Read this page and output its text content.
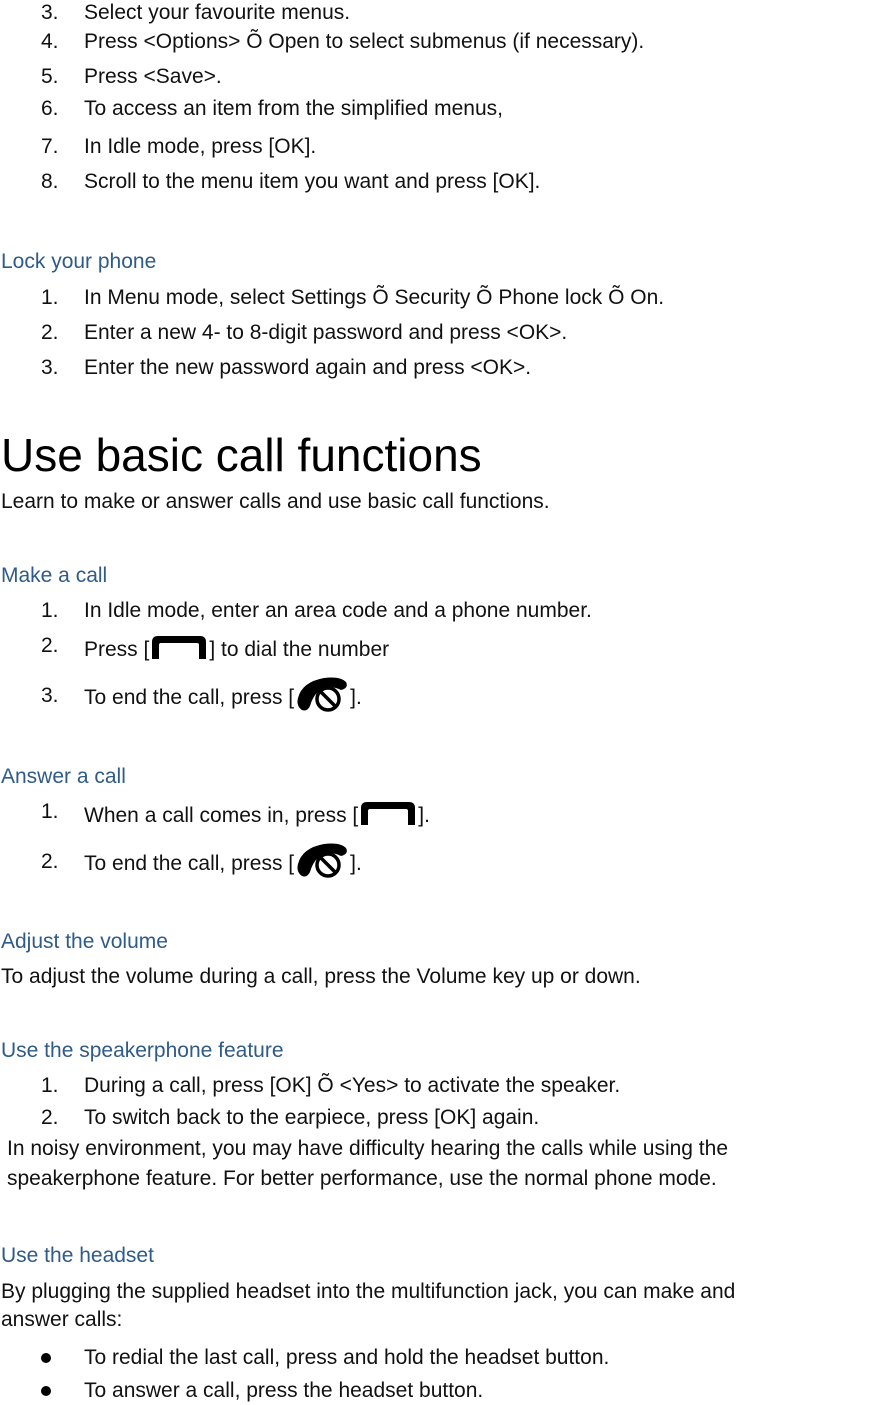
3. Select your favourite menus.
4. Press <Options> Õ Open to select submenus (if necessary).
5. Press <Save>.
6. To access an item from the simplified menus,
7. In Idle mode, press [OK].
8. Scroll to the menu item you want and press [OK].
Lock your phone
1. In Menu mode, select Settings Õ Security Õ Phone lock Õ On.
2. Enter a new 4- to 8-digit password and press <OK>.
3. Enter the new password again and press <OK>.
Use basic call functions
Learn to make or answer calls and use basic call functions.
Make a call
1. In Idle mode, enter an area code and a phone number.
2. Press [	] to dial the number
3. To end the call, press [	].
Answer a call
1. When a call comes in, press [	].
2. To end the call, press [	].
Adjust the volume
To adjust the volume during a call, press the Volume key up or down.
Use the speakerphone feature
1. During a call, press [OK] Õ <Yes> to activate the speaker.
2. To switch back to the earpiece, press [OK] again.
In noisy environment, you may have difficulty hearing the calls while using the
speakerphone feature. For better performance, use the normal phone mode.
Use the headset
By plugging the supplied headset into the multifunction jack, you can make and
answer calls:
To redial the last call, press and hold the headset button.
To answer a call, press the headset button.
